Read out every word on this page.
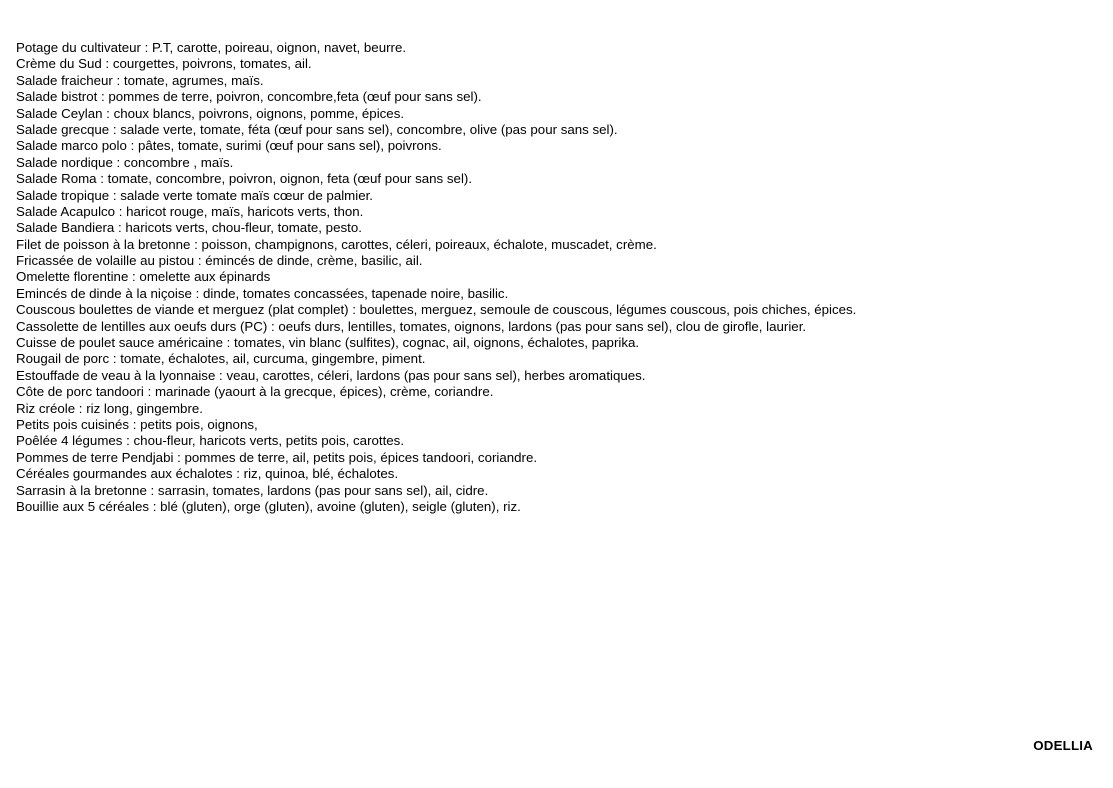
Potage du cultivateur : P.T, carotte, poireau, oignon, navet, beurre.
Crème du Sud : courgettes, poivrons, tomates, ail.
Salade fraicheur : tomate, agrumes, maïs.
Salade bistrot : pommes de terre, poivron, concombre,feta (œuf pour sans sel).
Salade Ceylan : choux blancs, poivrons, oignons, pomme, épices.
Salade grecque : salade verte, tomate, féta (œuf pour sans sel), concombre, olive (pas pour sans sel).
Salade marco polo : pâtes, tomate, surimi (œuf pour sans sel), poivrons.
Salade nordique : concombre , maïs.
Salade Roma : tomate, concombre, poivron, oignon, feta (œuf pour sans sel).
Salade tropique : salade verte tomate maïs cœur de palmier.
Salade Acapulco : haricot rouge, maïs, haricots verts, thon.
Salade Bandiera : haricots verts, chou-fleur, tomate, pesto.
Filet de poisson à la bretonne : poisson, champignons, carottes, céleri, poireaux, échalote, muscadet, crème.
Fricassée de volaille au pistou : émincés de dinde, crème, basilic, ail.
Omelette florentine : omelette aux épinards
Emincés de dinde à la niçoise : dinde, tomates concassées, tapenade noire, basilic.
Couscous boulettes de viande et merguez (plat complet) : boulettes, merguez, semoule de couscous, légumes couscous, pois chiches, épices.
Cassolette de lentilles aux oeufs durs (PC) : oeufs durs, lentilles, tomates, oignons, lardons (pas pour sans sel), clou de girofle, laurier.
Cuisse de poulet sauce américaine : tomates, vin blanc (sulfites), cognac, ail, oignons, échalotes, paprika.
Rougail de porc : tomate, échalotes, ail, curcuma, gingembre, piment.
Estouffade de veau à la lyonnaise : veau, carottes, céleri, lardons (pas pour sans sel), herbes aromatiques.
Côte de porc tandoori : marinade (yaourt à la grecque, épices), crème, coriandre.
Riz créole : riz long, gingembre.
Petits pois cuisinés : petits pois, oignons,
Poêlée 4 légumes : chou-fleur, haricots verts, petits pois, carottes.
Pommes de terre Pendjabi : pommes de terre, ail, petits pois, épices tandoori, coriandre.
Céréales gourmandes aux échalotes : riz, quinoa, blé, échalotes.
Sarrasin à la bretonne : sarrasin, tomates, lardons (pas pour sans sel), ail, cidre.
Bouillie aux 5 céréales : blé (gluten), orge (gluten), avoine (gluten), seigle (gluten), riz.
ODELLIA
